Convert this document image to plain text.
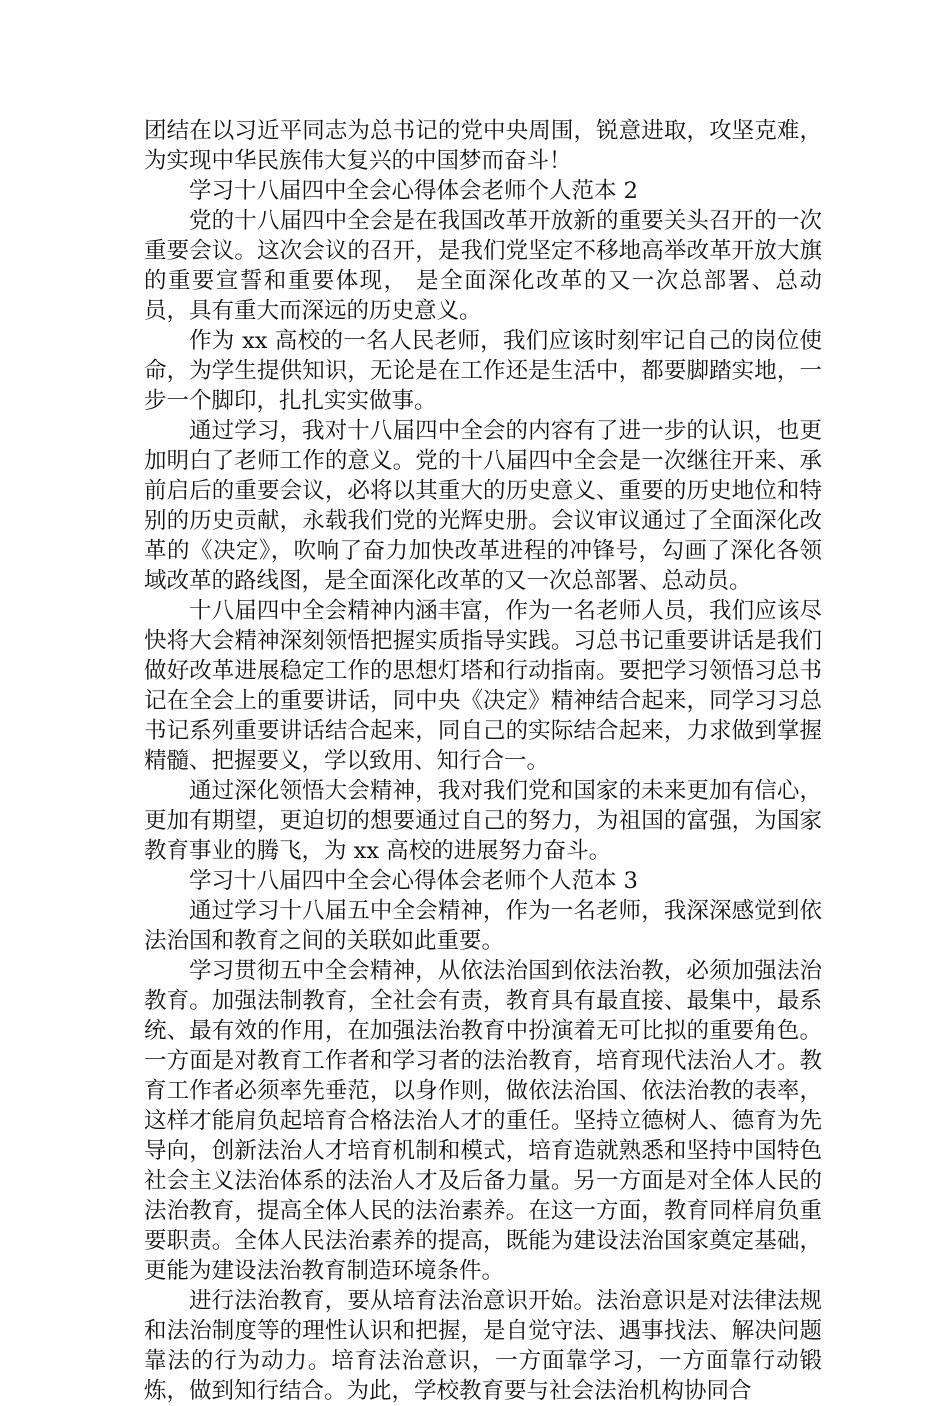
团结在以习近平同志为总书记的党中央周围，锐意进取，攻坚克难，为实现中华民族伟大复兴的中国梦而奋斗！

学习十八届四中全会心得体会老师个人范本 2

党的十八届四中全会是在我国改革开放新的重要关头召开的一次重要会议。这次会议的召开，是我们党坚定不移地高举改革开放大旗的重要宣誓和重要体现， 是全面深化改革的又一次总部署、总动员，具有重大而深远的历史意义。

作为 xx 高校的一名人民老师，我们应该时刻牢记自己的岗位使命，为学生提供知识，无论是在工作还是生活中，都要脚踏实地，一步一个脚印，扎扎实实做事。

通过学习，我对十八届四中全会的内容有了进一步的认识，也更加明白了老师工作的意义。党的十八届四中全会是一次继往开来、承前启后的重要会议，必将以其重大的历史意义、重要的历史地位和特别的历史贡献，永载我们党的光辉史册。会议审议通过了全面深化改革的《决定》，吹响了奋力加快改革进程的冲锋号，勾画了深化各领域改革的路线图，是全面深化改革的又一次总部署、总动员。

十八届四中全会精神内涵丰富，作为一名老师人员，我们应该尽快将大会精神深刻领悟把握实质指导实践。习总书记重要讲话是我们做好改革进展稳定工作的思想灯塔和行动指南。要把学习领悟习总书记在全会上的重要讲话，同中央《决定》精神结合起来，同学习习总书记系列重要讲话结合起来，同自己的实际结合起来，力求做到掌握精髓、把握要义，学以致用、知行合一。

通过深化领悟大会精神，我对我们党和国家的未来更加有信心，更加有期望，更迫切的想要通过自己的努力，为祖国的富强，为国家教育事业的腾飞，为 xx 高校的进展努力奋斗。

学习十八届四中全会心得体会老师个人范本 3

通过学习十八届五中全会精神，作为一名老师，我深深感觉到依法治国和教育之间的关联如此重要。

学习贯彻五中全会精神，从依法治国到依法治教，必须加强法治教育。加强法制教育，全社会有责，教育具有最直接、最集中，最系统、最有效的作用，在加强法治教育中扮演着无可比拟的重要角色。一方面是对教育工作者和学习者的法治教育，培育现代法治人才。教育工作者必须率先垂范，以身作则，做依法治国、依法治教的表率，这样才能肩负起培育合格法治人才的重任。坚持立德树人、德育为先导向，创新法治人才培育机制和模式，培育造就熟悉和坚持中国特色社会主义法治体系的法治人才及后备力量。另一方面是对全体人民的法治教育，提高全体人民的法治素养。在这一方面，教育同样肩负重要职责。全体人民法治素养的提高，既能为建设法治国家奠定基础，更能为建设法治教育制造环境条件。

进行法治教育，要从培育法治意识开始。法治意识是对法律法规和法治制度等的理性认识和把握，是自觉守法、遇事找法、解决问题靠法的行为动力。培育法治意识，一方面靠学习，一方面靠行动锻炼，做到知行结合。为此，学校教育要与社会法治机构协同合
